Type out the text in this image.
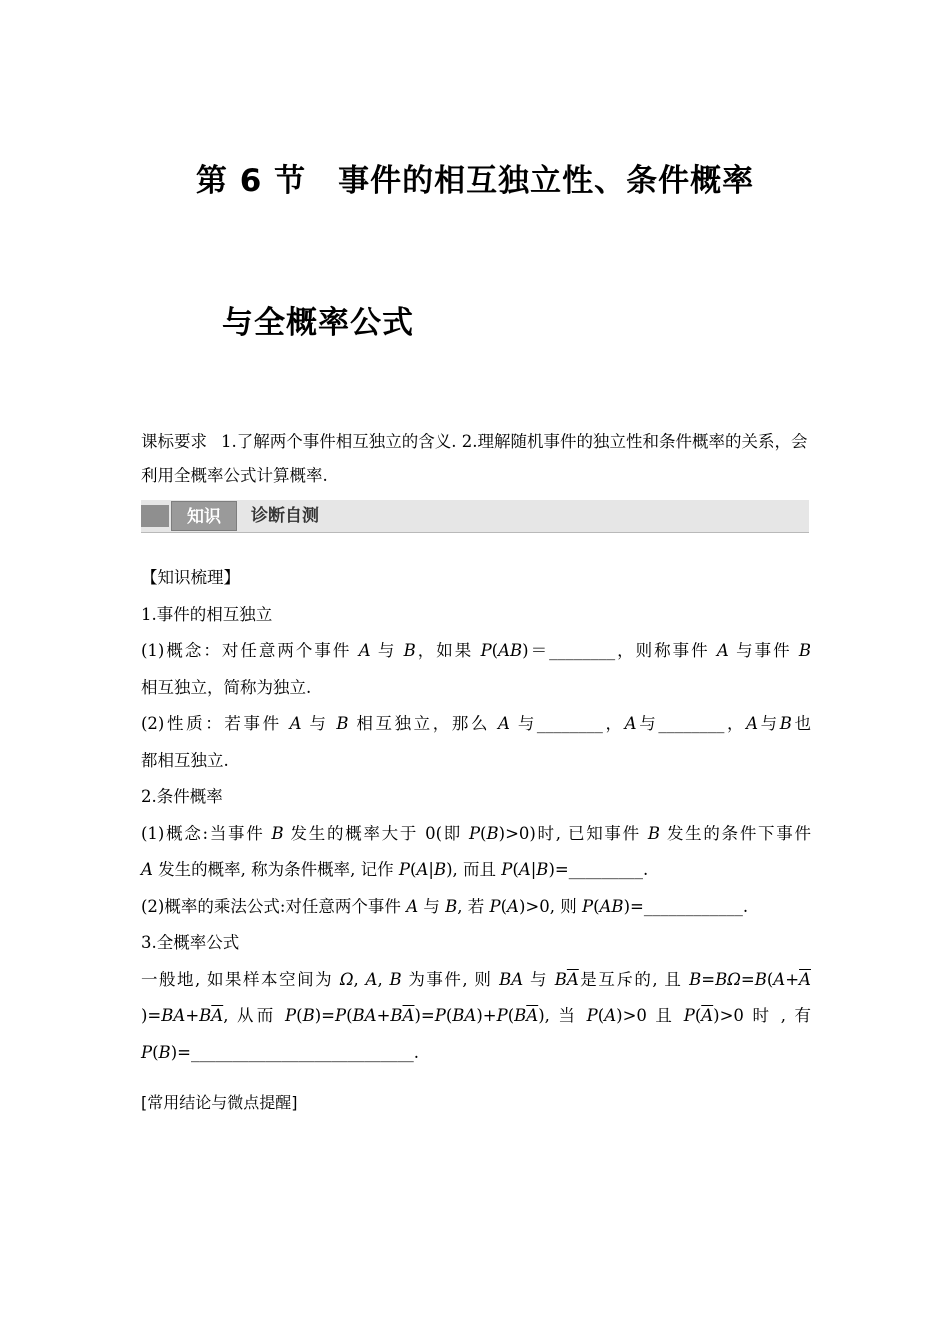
第 6 节　事件的相互独立性、条件概率
与全概率公式
课标要求 1.了解两个事件相互独立的含义. 2.理解随机事件的独立性和条件概率的关系，会利用全概率公式计算概率.
知识	诊断自测

【知识梳理】

1.事件的相互独立

(1)概念：对任意两个事件 A 与 B，如果 P(AB)＝________，则称事件 A 与事件 B

相互独立，简称为独立.

(2)性质：若事件 A 与 B 相互独立，那么 A 与________，A与________，A与B也

都相互独立.

2.条件概率

(1)概念:当事件 B 发生的概率大于 0(即 P(B)>0)时, 已知事件 B 发生的条件下事件

A 发生的概率, 称为条件概率, 记作 P(A|B), 而且 P(A|B)=_________.

(2)概率的乘法公式:对任意两个事件 A 与 B, 若 P(A)>0, 则 P(AB)=____________.

3.全概率公式

一般地, 如果样本空间为 Ω, A, B 为事件, 则 BA 与 $B\overline{A}$是互斥的, 且 $B=B\Omega=B(A+\overline{A}$

)$=BA+B\overline{A}$, 从而 $P(B)=P(BA+B\overline{A})=P(BA)+P(B\overline{A})$, 当 P(A)>0 且 $P(\overline{A})>0$ 时 , 有

P(B)=___________________________.

[常用结论与微点提醒]
